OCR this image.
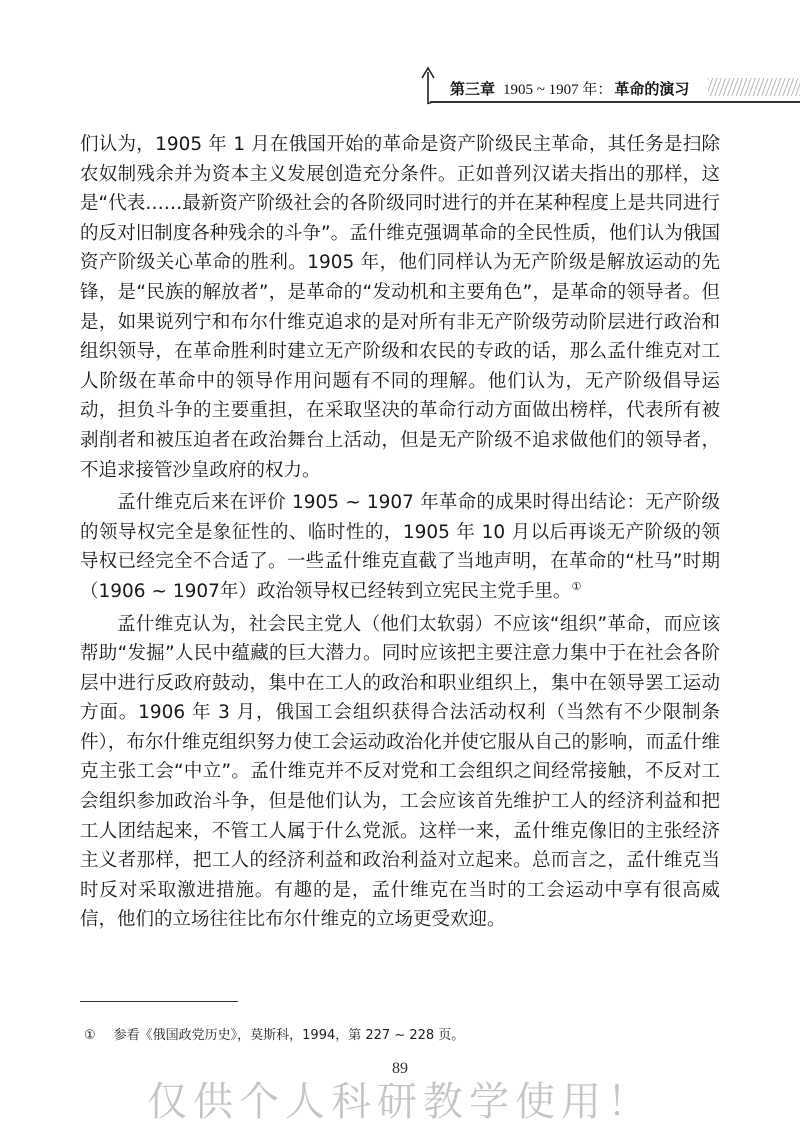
第三章 1905 ~ 1907 年： 革命的演习

们认为，1905 年 1 月在俄国开始的革命是资产阶级民主革命，其任务是扫除农奴制残余并为资本主义发展创造充分条件。正如普列汉诺夫指出的那样，这是“代表……最新资产阶级社会的各阶级同时进行的并在某种程度上是共同进行的反对旧制度各种残余的斗争”。孟什维克强调革命的全民性质，他们认为俄国资产阶级关心革命的胜利。1905 年，他们同样认为无产阶级是解放运动的先锋，是“民族的解放者”，是革命的“发动机和主要角色”，是革命的领导者。但是，如果说列宁和布尔什维克追求的是对所有非无产阶级劳动阶层进行政治和组织领导，在革命胜利时建立无产阶级和农民的专政的话，那么孟什维克对工人阶级在革命中的领导作用问题有不同的理解。他们认为，无产阶级倡导运动，担负斗争的主要重担，在采取坚决的革命行动方面做出榜样，代表所有被剥削者和被压迫者在政治舞台上活动，但是无产阶级不追求做他们的领导者，不追求接管沙皇政府的权力。

孟什维克后来在评价 1905 ~ 1907 年革命的成果时得出结论：无产阶级的领导权完全是象征性的、临时性的，1905 年 10 月以后再谈无产阶级的领导权已经完全不合适了。一些孟什维克直截了当地声明，在革命的“杜马”时期（1906 ~ 1907年）政治领导权已经转到立宪民主党手里。①

孟什维克认为，社会民主党人（他们太软弱）不应该“组织”革命，而应该帮助“发掘”人民中蕴藏的巨大潜力。同时应该把主要注意力集中于在社会各阶层中进行反政府鼓动，集中在工人的政治和职业组织上，集中在领导罢工运动方面。1906 年 3 月，俄国工会组织获得合法活动权利（当然有不少限制条件），布尔什维克组织努力使工会运动政治化并使它服从自己的影响，而孟什维克主张工会“中立”。孟什维克并不反对党和工会组织之间经常接触，不反对工会组织参加政治斗争，但是他们认为，工会应该首先维护工人的经济利益和把工人团结起来，不管工人属于什么党派。这样一来，孟什维克像旧的主张经济主义者那样，把工人的经济利益和政治利益对立起来。总而言之，孟什维克当时反对采取激进措施。有趣的是，孟什维克在当时的工会运动中享有很高威信，他们的立场往往比布尔什维克的立场更受欢迎。

① 参看《俄国政党历史》，莫斯科，1994，第 227 ~ 228 页。
89
仅供个人科研教学使用！
